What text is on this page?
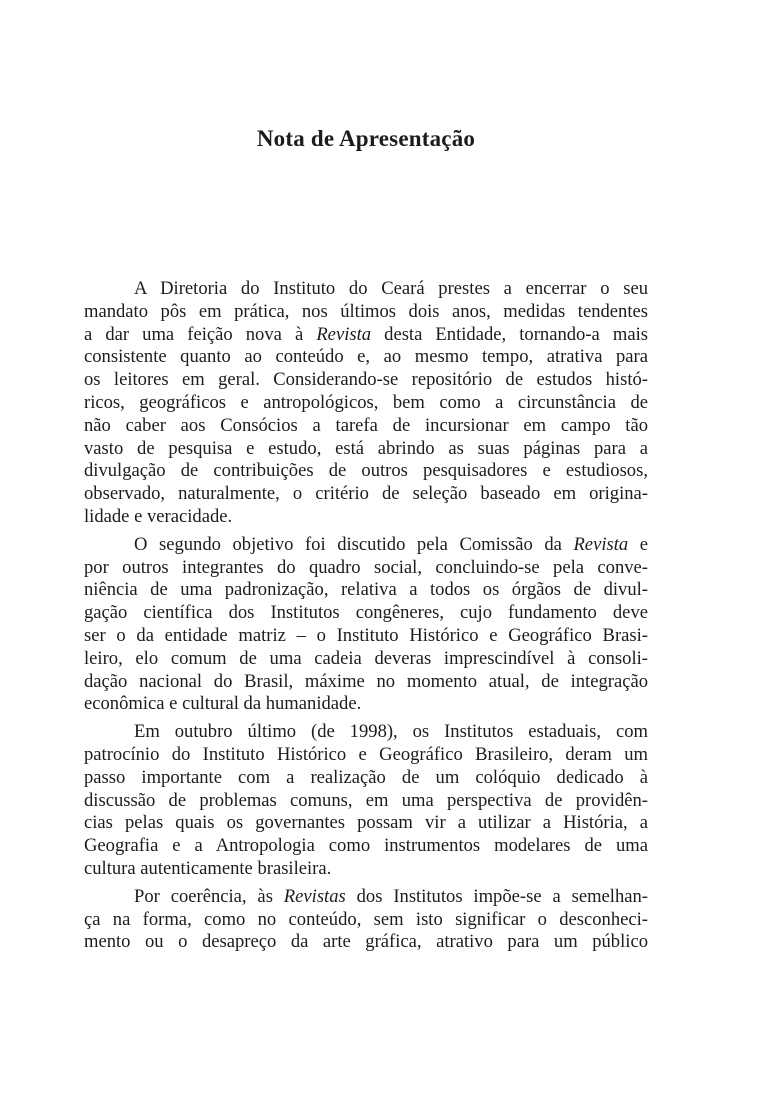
Nota de Apresentação

A Diretoria do Instituto do Ceará prestes a encerrar o seu
mandato pôs em prática, nos últimos dois anos, medidas tendentes
a dar uma feição nova à Revista desta Entidade, tornando-a mais
consistente quanto ao conteúdo e, ao mesmo tempo, atrativa para
os leitores em geral. Considerando-se repositório de estudos histó-
ricos, geográficos e antropológicos, bem como a circunstância de
não caber aos Consócios a tarefa de incursionar em campo tão
vasto de pesquisa e estudo, está abrindo as suas páginas para a
divulgação de contribuições de outros pesquisadores e estudiosos,
observado, naturalmente, o critério de seleção baseado em origina-
lidade e veracidade.

O segundo objetivo foi discutido pela Comissão da Revista e
por outros integrantes do quadro social, concluindo-se pela conve-
niência de uma padronização, relativa a todos os órgãos de divul-
gação científica dos Institutos congêneres, cujo fundamento deve
ser o da entidade matriz – o Instituto Histórico e Geográfico Brasi-
leiro, elo comum de uma cadeia deveras imprescindível à consoli-
dação nacional do Brasil, máxime no momento atual, de integração
econômica e cultural da humanidade.

Em outubro último (de 1998), os Institutos estaduais, com
patrocínio do Instituto Histórico e Geográfico Brasileiro, deram um
passo importante com a realização de um colóquio dedicado à
discussão de problemas comuns, em uma perspectiva de providên-
cias pelas quais os governantes possam vir a utilizar a História, a
Geografia e a Antropologia como instrumentos modelares de uma
cultura autenticamente brasileira.

Por coerência, às Revistas dos Institutos impõe-se a semelhan-
ça na forma, como no conteúdo, sem isto significar o desconheci-
mento ou o desapreço da arte gráfica, atrativo para um público
